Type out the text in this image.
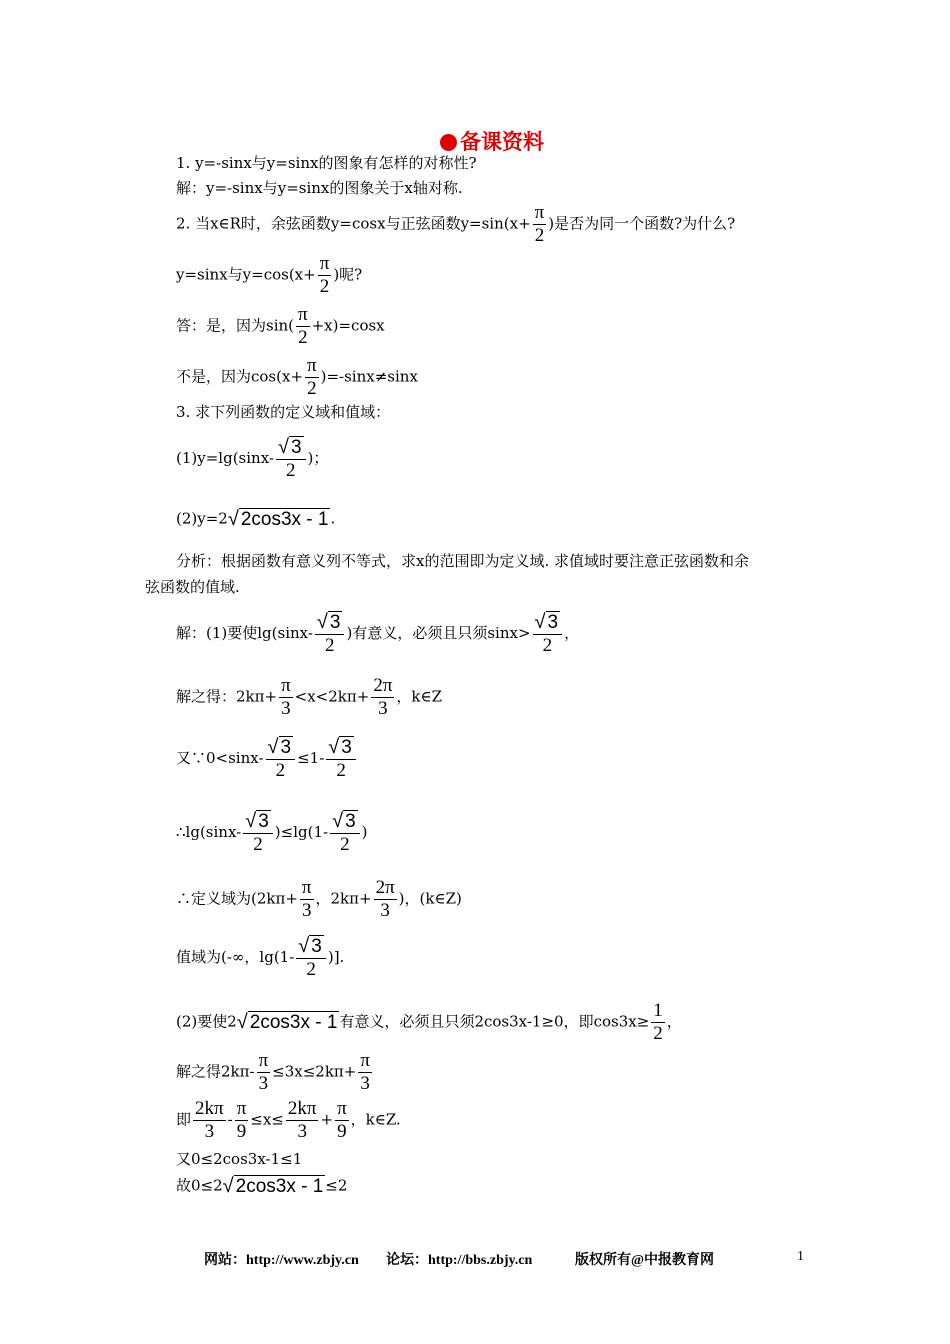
备课资料
1. y=-sinx与y=sinx的图象有怎样的对称性?
解：y=-sinx与y=sinx的图象关于x轴对称.
2. 当x∈R时，余弦函数y=cosx与正弦函数$y=\sin(x+ \frac{\pi}{2}$ )是否为同一个函数?为什么?
y=sinx与$y=\cos(x+ \frac{\pi}{2}$ )呢?
答：是，因为$\sin( \frac{\pi}{2} +x)=\cos x$
不是，因为$\cos(x+ \frac{\pi}{2} )=-\sin x\ne\sin x$
3. 求下列函数的定义域和值域：
$(1)y=\lg(\sin x- \frac{√ 3}{2}$ )；
(2)y=2√ 2cos3x - 1 .
分析：根据函数有意义列不等式，求x的范围即为定义域. 求值域时要注意正弦函数和余
弦函数的值域.
解：(1)要使$\lg(\sin x- \frac{√ 3}{2}$ )有意义，必须且只须$\sin x> \frac{√ 3}{2}$ ，
解之得：$2k\pi+ \frac{\pi}{3} <x<2k\pi+ \frac{2\pi}{3}$ ，k∈Z
又∵0<sinx- $\frac{√ 3}{2} \le 1- \frac{√ 3}{2}$
∴lg(sinx- $\frac{√ 3}{2} )\le\lg(1- \frac{√ 3}{2}$ )
∴定义域为($2k\pi+ \frac{\pi}{3}$ ，$2k\pi+ \frac{2\pi}{3}$ )，(k∈Z)
值域为(-∞，$\lg(1- \frac{√ 3}{2}$ )].
(2)要使2√ 2cos3x - 1 有意义，必须且只须2cos3x-1≥0，即$\cos 3x\ge \frac{1}{2}$ ，
解之得$2k\pi- \frac{\pi}{3} \le 3x\le 2k\pi+ \frac{\pi}{3}$
即 $\frac{2k\pi}{3} - \frac{\pi}{9} \le x\le \frac{2k\pi}{3} + \frac{\pi}{9}$ ，k∈Z.
又0≤2cos3x-1≤1
故0≤2√ 2cos3x - 1 ≤2
网站：http://www.zbjy.cn 论坛：http://bbs.zbjy.cn	版权所有@中报教育网	1
